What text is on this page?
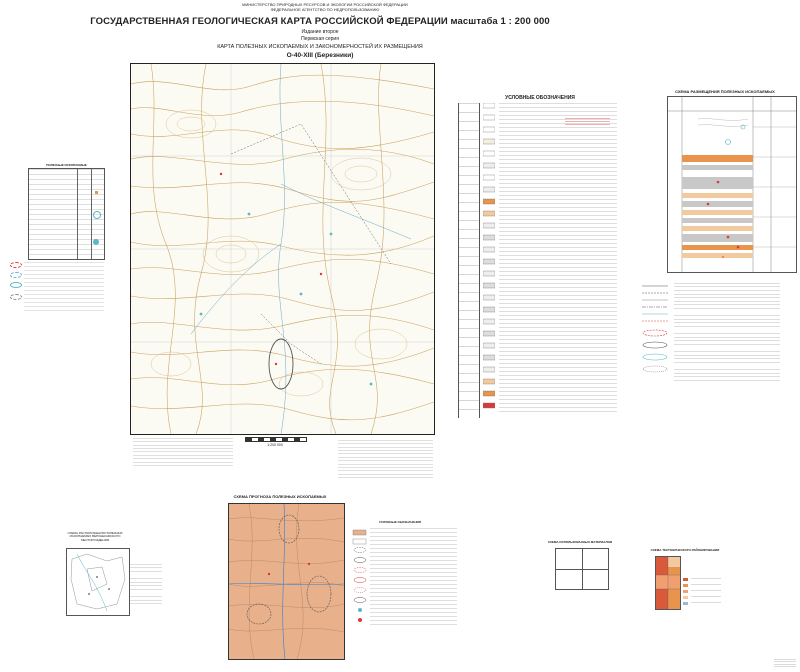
МИНИСТЕРСТВО ПРИРОДНЫХ РЕСУРСОВ И ЭКОЛОГИИ РОССИЙСКОЙ ФЕДЕРАЦИИ ФЕДЕРАЛЬНОЕ АГЕНТСТВО ПО НЕДРОПОЛЬЗОВАНИЮ
ГОСУДАРСТВЕННАЯ ГЕОЛОГИЧЕСКАЯ КАРТА РОССИЙСКОЙ ФЕДЕРАЦИИ масштаба 1 : 200 000
Издание второе
Пермская серия
КАРТА ПОЛЕЗНЫХ ИСКОПАЕМЫХ И ЗАКОНОМЕРНОСТЕЙ ИХ РАЗМЕЩЕНИЯ
O-40-XIII (Березники)
1:200 000
ПОЛЕЗНЫЕ ИСКОПАЕМЫЕ
УСЛОВНЫЕ ОБОЗНАЧЕНИЯ
СХЕМА РАЗМЕЩЕНИЯ ПОЛЕЗНЫХ ИСКОПАЕМЫХ
СХЕМА ПРОГНОЗА ПОЛЕЗНЫХ ИСКОПАЕМЫХ
УСЛОВНЫЕ ОБОЗНАЧЕНИЯ
СХЕМА РАСПОЛОЖЕНИЯ ПОЛЕЗНЫХ ИСКОПАЕМЫХ ВЕРХНЕКАМСКОГО МЕСТОРОЖДЕНИЯ
СХЕМА ИСПОЛЬЗОВАННЫХ МАТЕРИАЛОВ
СХЕМА ТЕКТОНИЧЕСКОГО РАЙОНИРОВАНИЯ
